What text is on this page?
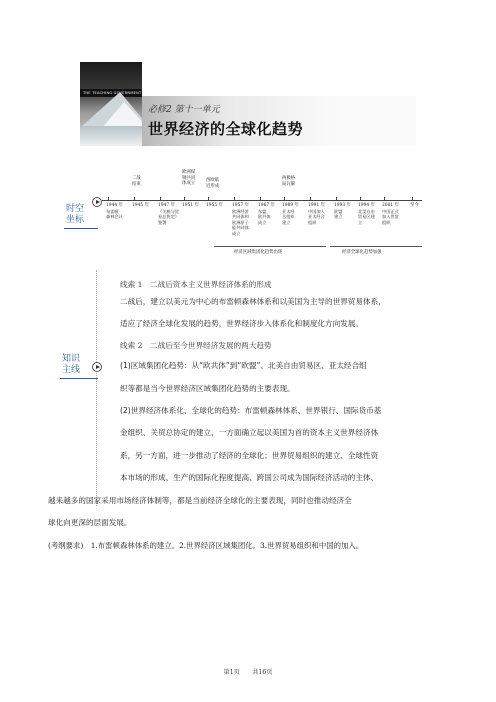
THE TEACHING GOVERNMENT
必修2 第十一单元
世界经济的全球化趋势
时空
坐标
1944 年
布雷顿
森林会议
1945 年 1947 年
《关税与贸
易总协定》
签署
1951 年 1955 年 1957 年
欧洲经济
共同体和
欧洲原子
能共同体
成立
1967 年
东盟、
欧共体
成立
1989 年
亚太经
合组织
建立
1991 年
中国加入
亚太经合
组织
1993 年
欧盟
建立
1994 年
北美自由
贸易区建
立
2001 年
中国正式
加入世贸
组织
至今
二战
结束
欧洲煤
钢共同
体成立
西欧临
近形成
两极格
局瓦解
经济区域集团化趋势出现	经济全球化趋势加强
知识
主线
线索 1　二战后资本主义世界经济体系的形成
二战后，建立以美元为中心的布雷顿森林体系和以美国为主导的世界贸易体系，
适应了经济全球化发展的趋势，世界经济步入体系化和制度化方向发展。
线索 2　二战后至今世界经济发展的两大趋势
(1)区域集团化趋势：从“欧共体”到“欧盟”、北美自由贸易区、亚太经合组
织等都是当今世界经济区域集团化趋势的主要表现。
(2)世界经济体系化、全球化的趋势：布雷顿森林体系、世界银行、国际货币基
金组织、关贸总协定的建立，一方面确立起以美国为首的资本主义世界经济体
系，另一方面，进一步推动了经济的全球化；世界贸易组织的建立、全球性资
本市场的形成、生产的国际化程度提高、跨国公司成为国际经济活动的主体、
越来越多的国家采用市场经济体制等，都是当前经济全球化的主要表现，同时也推动经济全
球化向更深的层面发展。
(考纲要求)　1.布雷顿森林体系的建立。2.世界经济区域集团化。3.世界贸易组织和中国的加入。
第1页　　共16页
